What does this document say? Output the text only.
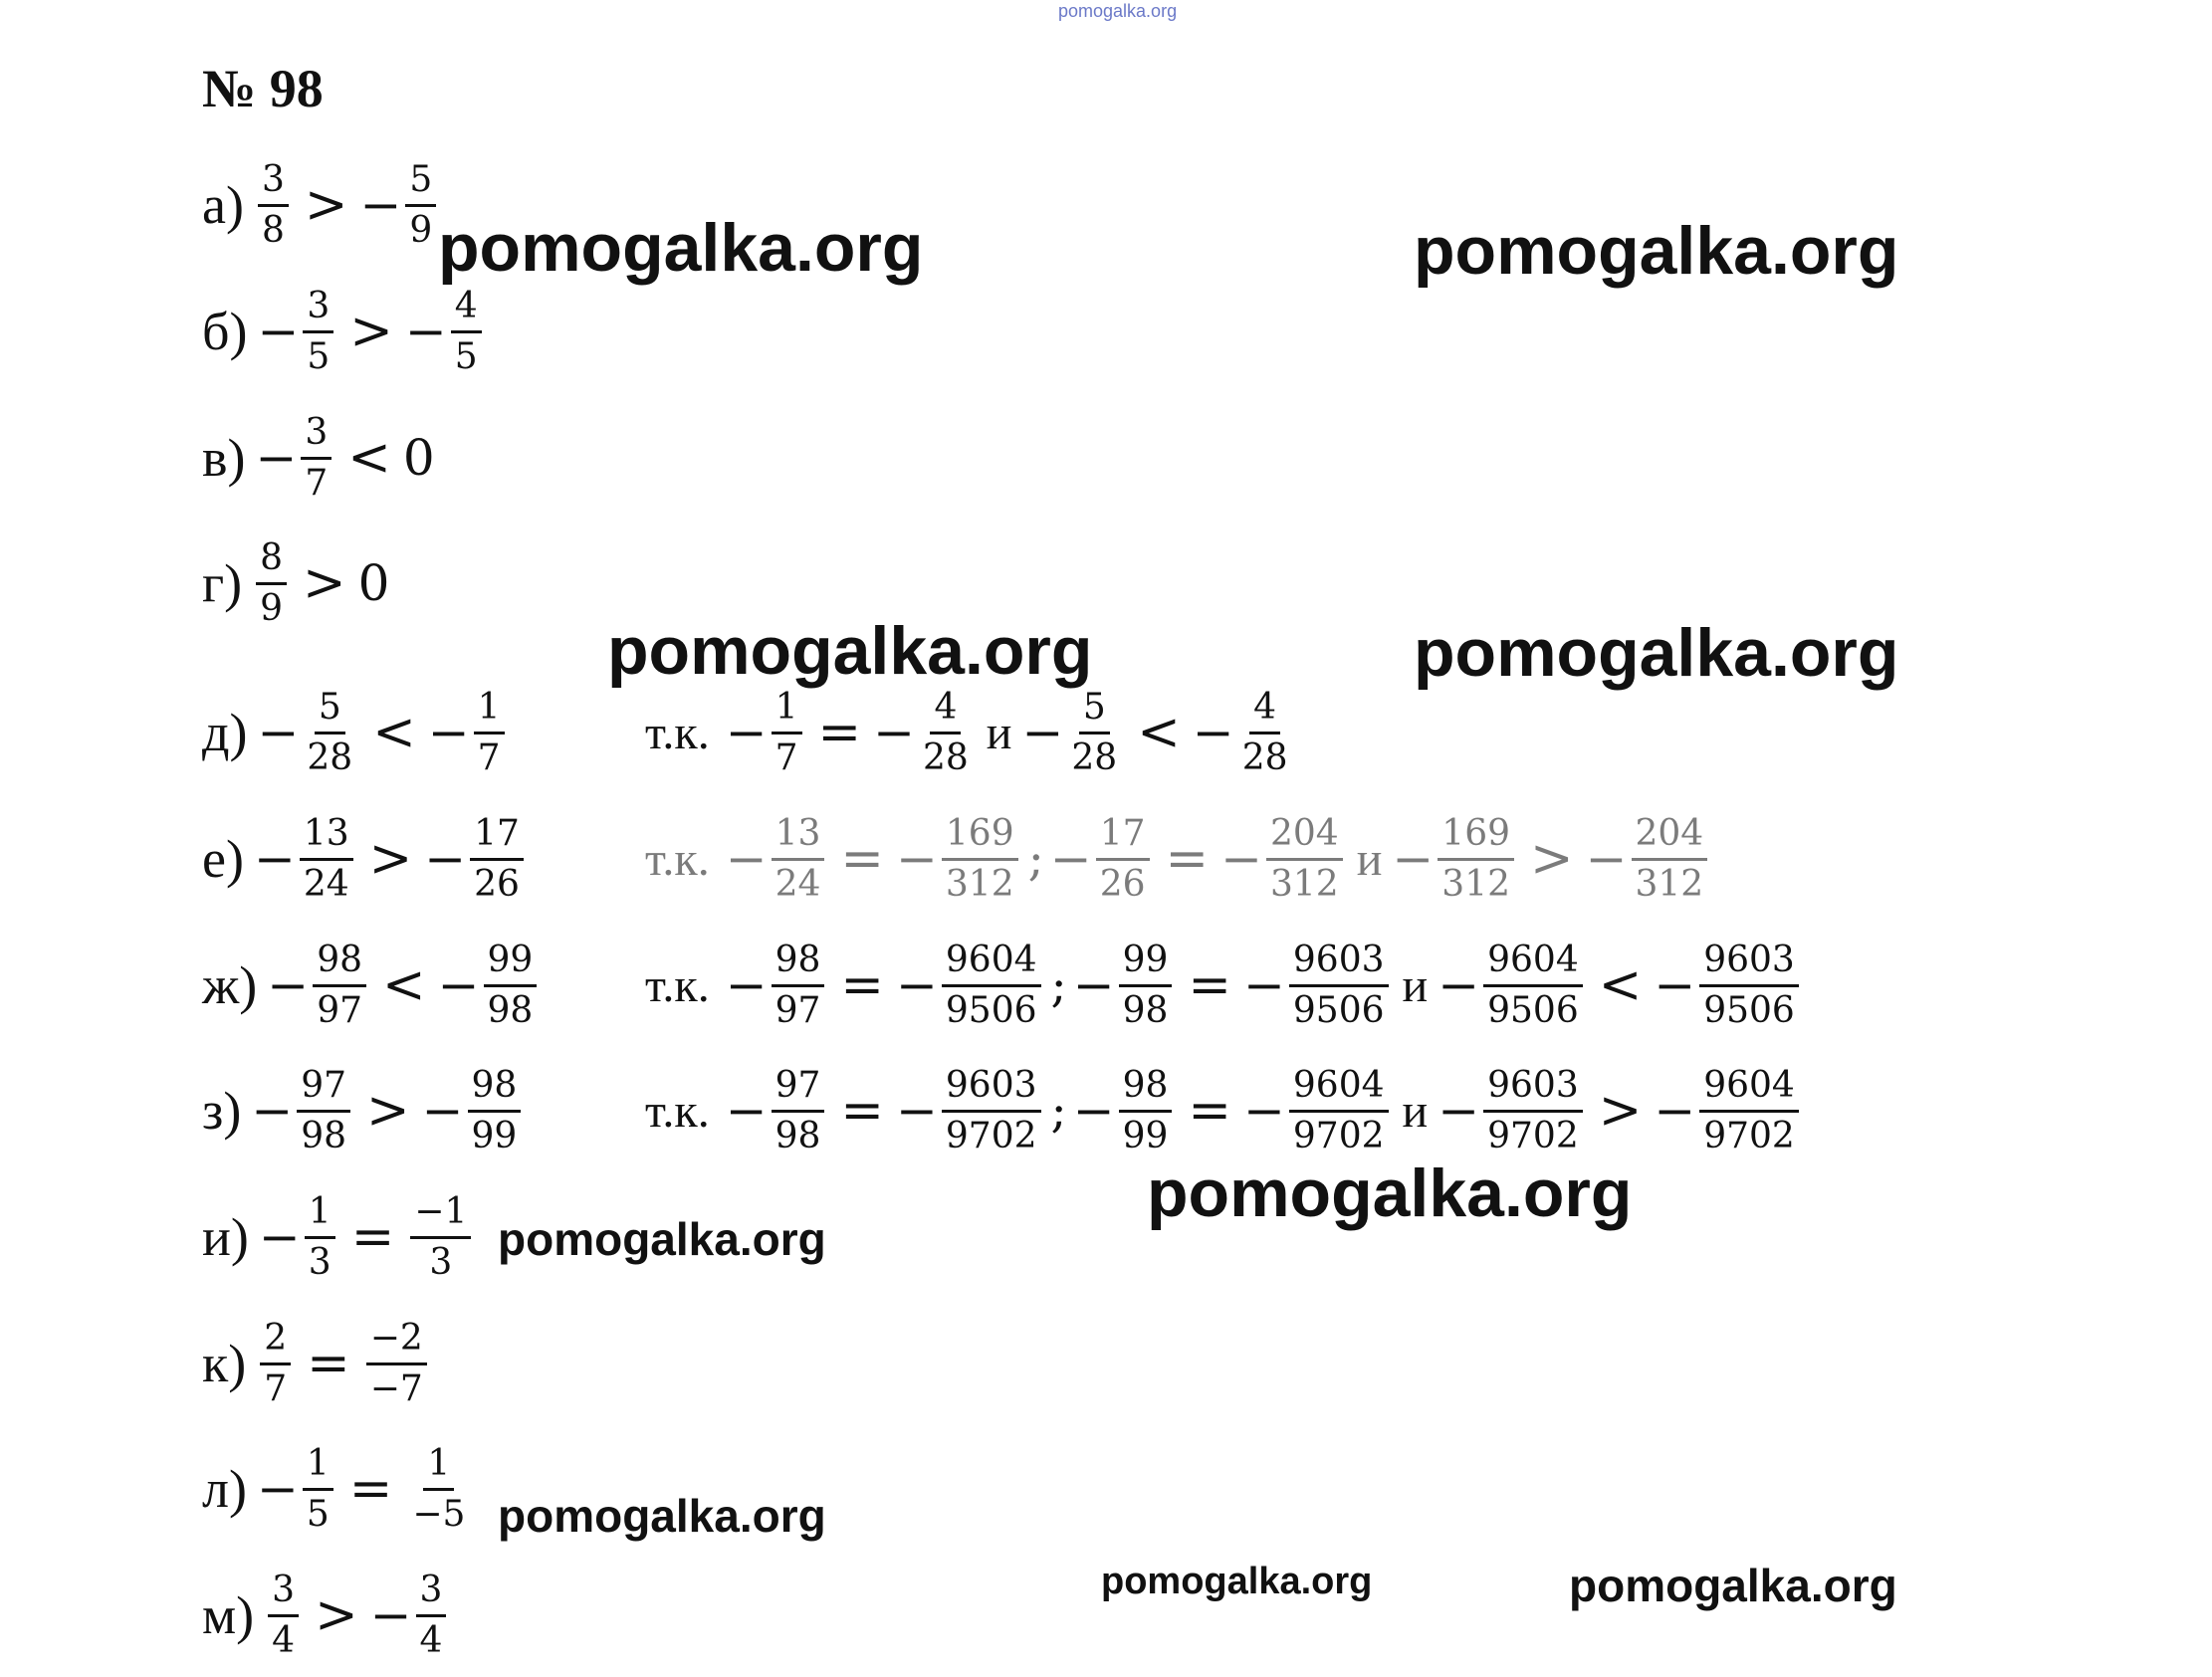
pomogalka.org
pomogalka.org	pomogalka.org
pomogalka.org	pomogalka.org
pomogalka.org
pomogalka.org
pomogalka.org
pomogalka.org	pomogalka.org
№ 98
$а) \frac{3}{8}$ > − $\frac{5}{9}$
$б) - \frac{3}{5}$ > − $\frac{4}{5}$
$в) - \frac{3}{7} < 0$
$г) \frac{8}{9} > 0$
$д) - \frac{5}{28}$ < − $\frac{1}{7}$	т.к. − $\frac{1}{7}$ = − $\frac{4}{28}$ $и - \frac{5}{28}$ < − $\frac{4}{28}$
$е) - \frac{13}{24}$ > − $\frac{17}{26}$	т.к. − $\frac{13}{24}$ = − $\frac{169}{312}$ ; − $\frac{17}{26}$ = − $\frac{204}{312}$ $и - \frac{169}{312}$ > − $\frac{204}{312}$
$ж) - \frac{98}{97}$ < − $\frac{99}{98} т.к$. − $\frac{98}{97}$ = − $\frac{9604}{9506}$ ; − $\frac{99}{98}$ = − $\frac{9603}{9506}$ $и - \frac{9604}{9506}$ < − $\frac{9603}{9506}$
$з) - \frac{97}{98}$ > − $\frac{98}{99}$	т.к. − $\frac{97}{98}$ = − $\frac{9603}{9702}$ ; − $\frac{98}{99}$ = − $\frac{9604}{9702}$ $и - \frac{9603}{9702}$ > − $\frac{9604}{9702}$
$и) - \frac{1}{3} = \frac{-1}{3}$
$к) \frac{2}{7} = \frac{-2}{-7}$
$л) - \frac{1}{5} = \frac{1}{-5}$
$м) \frac{3}{4}$ > − $\frac{3}{4}$
